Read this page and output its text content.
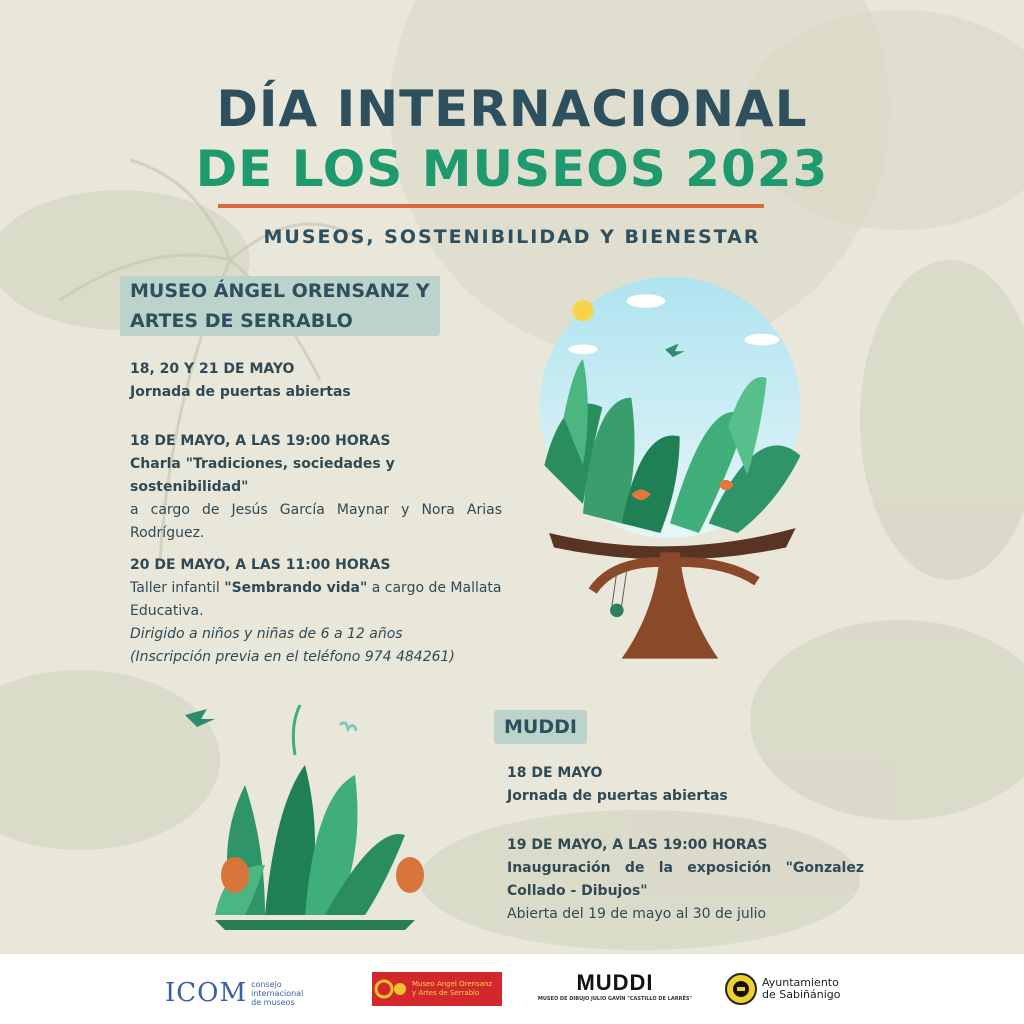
DÍA INTERNACIONAL
DE LOS MUSEOS 2023
MUSEOS, SOSTENIBILIDAD Y BIENESTAR
MUSEO ÁNGEL ORENSANZ Y
ARTES DE SERRABLO

18, 20 Y 21 DE MAYO

Jornada de puertas abiertas

18 DE MAYO, A LAS 19:00 HORAS

Charla "Tradiciones, sociedades y sostenibilidad"

a cargo de Jesús García Maynar y Nora Arias Rodríguez.

20 DE MAYO, A LAS 11:00 HORAS

Taller infantil "Sembrando vida" a cargo de Mallata Educativa.

Dirigido a niños y niñas de 6 a 12 años

(Inscripción previa en el teléfono 974 484261)

MUDDI

18 DE MAYO

Jornada de puertas abiertas

19 DE MAYO, A LAS 19:00 HORAS

Inauguración de la exposición "Gonzalez Collado - Dibujos"

Abierta del 19 de mayo al 30 de julio

ICOM consejo
internacional
de museos
Museo Angel Orensanz
y Artes de Serrablo	MUDDI
MUSEO DE DIBUJO JULIO GAVÍN "CASTILLO DE LARRÉS"
Ayuntamiento
de Sabiñánigo
